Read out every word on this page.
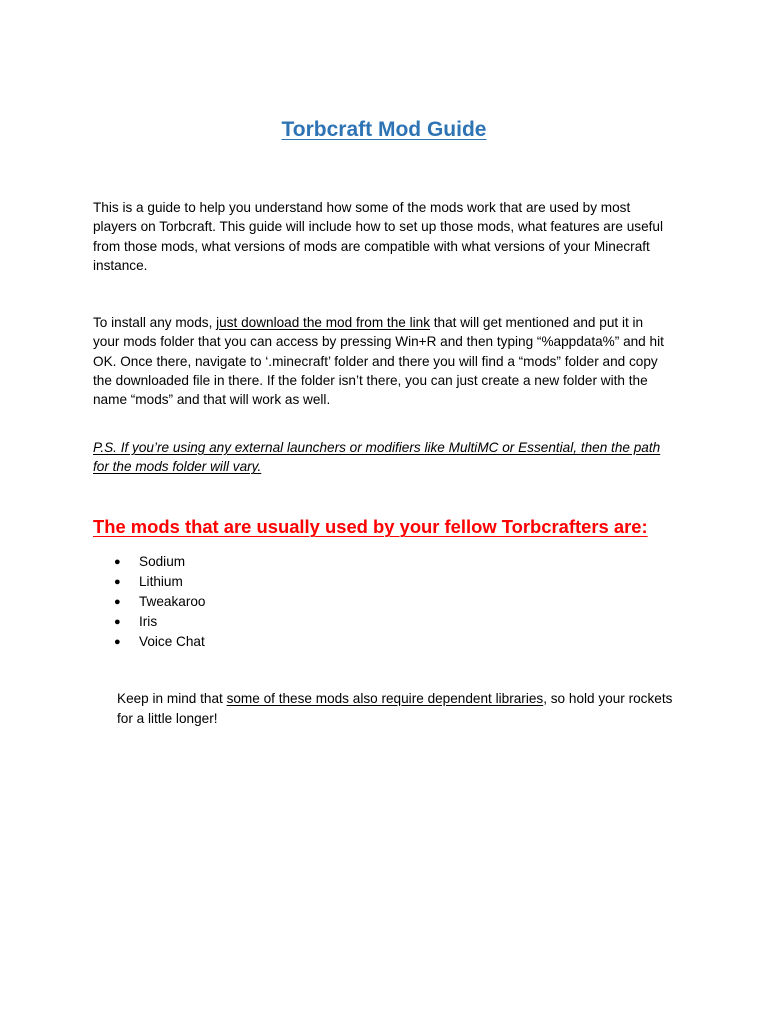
Torbcraft Mod Guide

This is a guide to help you understand how some of the mods work that are used by most players on Torbcraft. This guide will include how to set up those mods, what features are useful from those mods, what versions of mods are compatible with what versions of your Minecraft instance.

To install any mods, just download the mod from the link that will get mentioned and put it in your mods folder that you can access by pressing Win+R and then typing “%appdata%” and hit OK. Once there, navigate to ‘.minecraft’ folder and there you will find a “mods” folder and copy the downloaded file in there. If the folder isn’t there, you can just create a new folder with the name “mods” and that will work as well.

P.S. If you’re using any external launchers or modifiers like MultiMC or Essential, then the path for the mods folder will vary.

The mods that are usually used by your fellow Torbcrafters are:
● Sodium
● Lithium
● Tweakaroo
● Iris
● Voice Chat

Keep in mind that some of these mods also require dependent libraries, so hold your rockets for a little longer!
